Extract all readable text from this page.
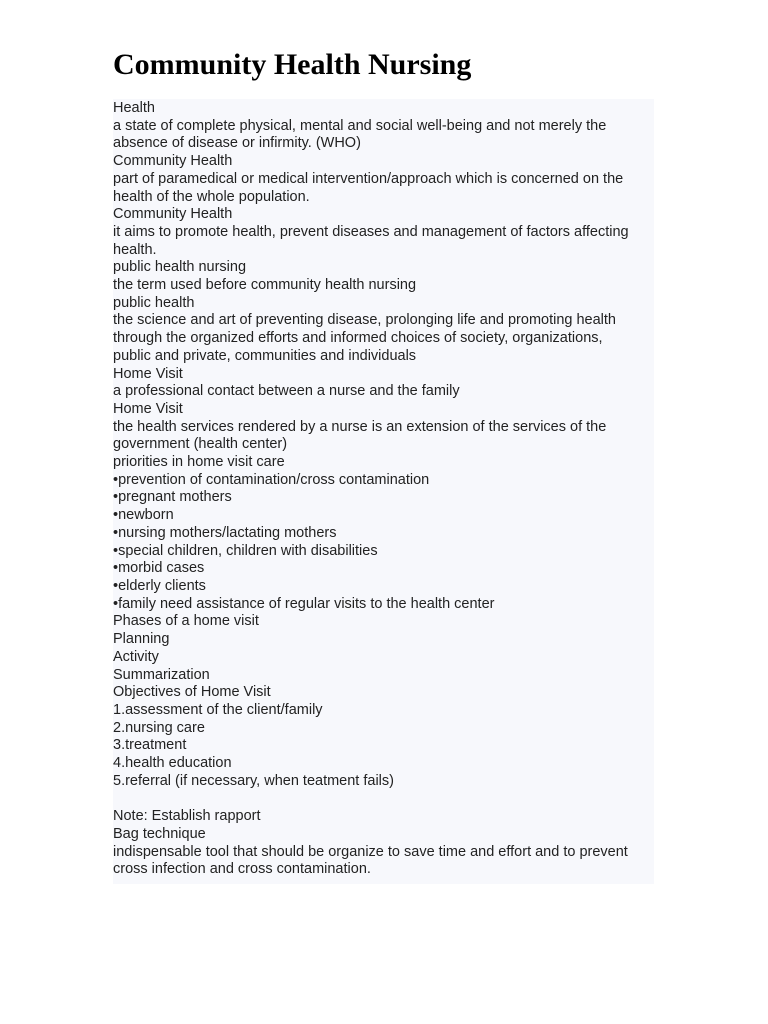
Community Health Nursing
Health
a state of complete physical, mental and social well-being and not merely the
absence of disease or infirmity. (WHO)
Community Health
part of paramedical or medical intervention/approach which is concerned on the
health of the whole population.
Community Health
it aims to promote health, prevent diseases and management of factors affecting
health.
public health nursing
the term used before community health nursing
public health
the science and art of preventing disease, prolonging life and promoting health
through the organized efforts and informed choices of society, organizations,
public and private, communities and individuals
Home Visit
a professional contact between a nurse and the family
Home Visit
the health services rendered by a nurse is an extension of the services of the
government (health center)
priorities in home visit care
•prevention of contamination/cross contamination
•pregnant mothers
•newborn
•nursing mothers/lactating mothers
•special children, children with disabilities
•morbid cases
•elderly clients
•family need assistance of regular visits to the health center
Phases of a home visit
Planning
Activity
Summarization
Objectives of Home Visit
1.assessment of the client/family
2.nursing care
3.treatment
4.health education
5.referral (if necessary, when teatment fails)
Note: Establish rapport
Bag technique
indispensable tool that should be organize to save time and effort and to prevent
cross infection and cross contamination.
